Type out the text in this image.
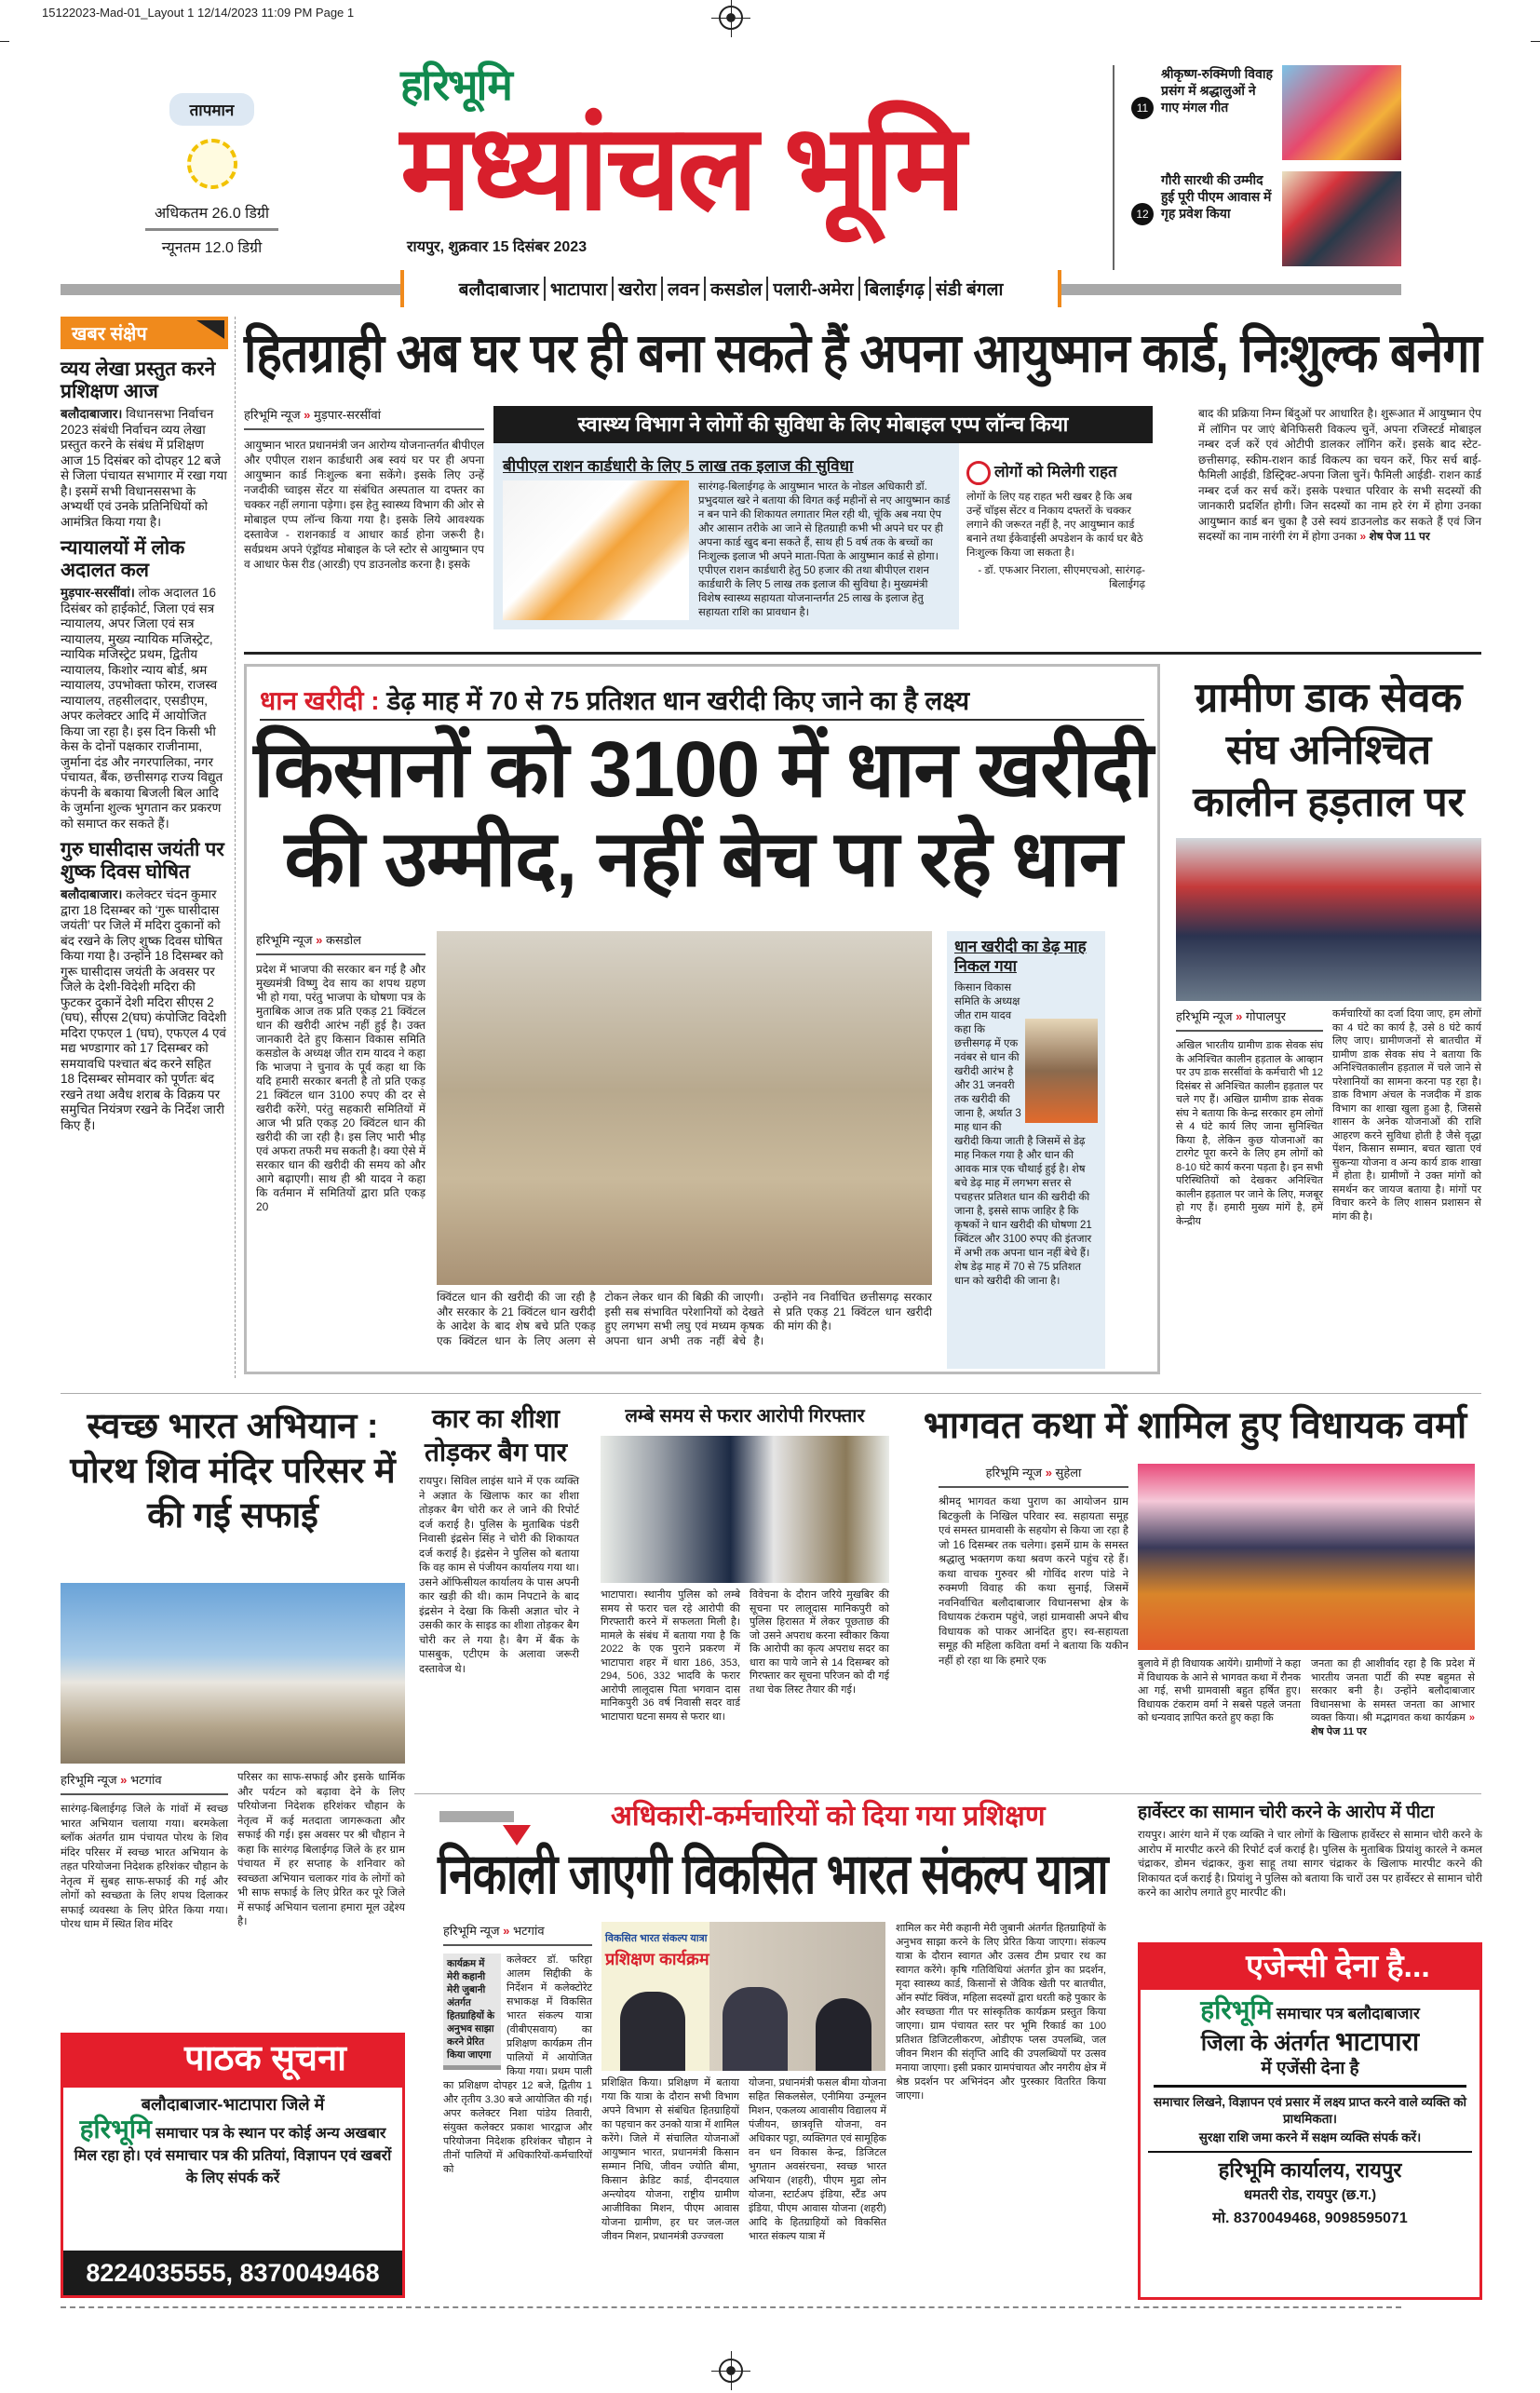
15122023-Mad-01_Layout 1 12/14/2023 11:09 PM Page 1
तापमान
अधिकतम 26.0 डिग्री
न्यूनतम 12.0 डिग्री
हरिभूमि
मध्यांचल भूमि
रायपुर, शुक्रवार 15 दिसंबर 2023
11
श्रीकृष्ण-रुक्मिणी विवाह प्रसंग में श्रद्धालुओं ने गाए मंगल गीत
12
गौरी सारथी की उम्मीद हुई पूरी पीएम आवास में गृह प्रवेश किया
बलौदाबाजार भाटापारा खरोरा लवन कसडोल पलारी-अमेरा बिलाईगढ़ संडी बंगला
खबर संक्षेप
व्यय लेखा प्रस्तुत करने प्रशिक्षण आज
बलौदाबाजार। विधानसभा निर्वाचन 2023 संबंधी निर्वाचन व्यय लेखा प्रस्तुत करने के संबंध में प्रशिक्षण आज 15 दिसंबर को दोपहर 12 बजे से जिला पंचायत सभागार में रखा गया है। इसमें सभी विधानससभा के अभ्यर्थी एवं उनके प्रतिनिधियों को आमंत्रित किया गया है।
न्यायालयों में लोक अदालत कल
मुड़पार-सरसींवां। लोक अदालत 16 दिसंबर को हाईकोर्ट, जिला एवं सत्र न्यायालय, अपर जिला एवं सत्र न्यायालय, मुख्य न्यायिक मजिस्ट्रेट, न्यायिक मजिस्ट्रेट प्रथम, द्वितीय न्यायालय, किशोर न्याय बोर्ड, श्रम न्यायालय, उपभोक्ता फोरम, राजस्व न्यायालय, तहसीलदार, एसडीएम, अपर कलेक्टर आदि में आयोजित किया जा रहा है। इस दिन किसी भी केस के दोनों पक्षकार राजीनामा, जुर्माना दंड और नगरपालिका, नगर पंचायत, बैंक, छत्तीसगढ़ राज्य विद्युत कंपनी के बकाया बिजली बिल आदि के जुर्माना शुल्क भुगतान कर प्रकरण को समाप्त कर सकते हैं।
गुरु घासीदास जयंती पर शुष्क दिवस घोषित
बलौदाबाजार। कलेक्टर चंदन कुमार द्वारा 18 दिसम्बर को ‘गुरू घासीदास जयंती’ पर जिले में मदिरा दुकानों को बंद रखने के लिए शुष्क दिवस घोषित किया गया है। उन्होंने 18 दिसम्बर को गुरू घासीदास जयंती के अवसर पर जिले के देशी-विदेशी मदिरा की फुटकर दुकानें देशी मदिरा सीएस 2 (घघ), सीएस 2(घघ) कंपोजिट विदेशी मदिरा एफएल 1 (घघ), एफएल 4 एवं मद्य भण्डागार को 17 दिसम्बर को समयावधि पश्चात बंद करने सहित 18 दिसम्बर सोमवार को पूर्णतः बंद रखने तथा अवैध शराब के विक्रय पर समुचित नियंत्रण रखने के निर्देश जारी किए हैं।
हितग्राही अब घर पर ही बना सकते हैं अपना आयुष्मान कार्ड, निःशुल्क बनेगा
हरिभूमि न्यूज » मुड़पार-सरसींवां
आयुष्मान भारत प्रधानमंत्री जन आरोग्य योजनान्तर्गत बीपीएल और एपीएल राशन कार्डधारी अब स्वयं घर पर ही अपना आयुष्मान कार्ड निःशुल्क बना सकेंगे। इसके लिए उन्हें नजदीकी च्वाइस सेंटर या संबंधित अस्पताल या दफ्तर का चक्कर नहीं लगाना पड़ेगा। इस हेतु स्वास्थ्य विभाग की ओर से मोबाइल एप्प लॉन्च किया गया है। इसके लिये आवश्यक दस्तावेज - राशनकार्ड व आधार कार्ड होना जरूरी है। सर्वप्रथम अपने एंड्रॉयड मोबाइल के प्ले स्टोर से आयुष्मान एप व आधार फेस रीड (आरडी) एप डाउनलोड करना है। इसके
स्वास्थ्य विभाग ने लोगों की सुविधा के लिए मोबाइल एप्प लॉन्च किया
बीपीएल राशन कार्डधारी के लिए 5 लाख तक इलाज की सुविधा
सारंगढ़-बिलाईगढ़ के आयुष्मान भारत के नोडल अधिकारी डॉ. प्रभुदयाल खरे ने बताया की विगत कई महीनों से नए आयुष्मान कार्ड न बन पाने की शिकायत लगातार मिल रही थी, चूंकि अब नया ऐप और आसान तरीके आ जाने से हितग्राही कभी भी अपने घर पर ही अपना कार्ड खुद बना सकते हैं, साथ ही 5 वर्ष तक के बच्चों का निःशुल्क इलाज भी अपने माता-पिता के आयुष्मान कार्ड से होगा। एपीएल राशन कार्डधारी हेतु 50 हजार की तथा बीपीएल राशन कार्डधारी के लिए 5 लाख तक इलाज की सुविधा है। मुख्यमंत्री विशेष स्वास्थ्य सहायता योजनान्तर्गत 25 लाख के इलाज हेतु सहायता राशि का प्रावधान है।
लोगों को मिलेगी राहत

लोगों के लिए यह राहत भरी खबर है कि अब उन्हें चॉइस सेंटर व निकाय दफ्तरों के चक्कर लगाने की जरूरत नहीं है, नए आयुष्मान कार्ड बनाने तथा ईकेवाईसी अपडेशन के कार्य घर बैठे निःशुल्क किया जा सकता है।

- डॉ. एफआर निराला, सीएमएचओ, सारंगढ़-बिलाईगढ़

बाद की प्रक्रिया निम्न बिंदुओं पर आधारित है। शुरूआत में आयुष्मान ऐप में लॉगिन पर जाएं बेनिफिसरी विकल्प चुनें, अपना रजिस्टर्ड मोबाइल नम्बर दर्ज करें एवं ओटीपी डालकर लॉगिन करें। इसके बाद स्टेट-छत्तीसगढ़, स्कीम-राशन कार्ड विकल्प का चयन करें, फिर सर्च बाई-फैमिली आईडी, डिस्ट्रिक्ट-अपना जिला चुनें। फैमिली आईडी- राशन कार्ड नम्बर दर्ज कर सर्च करें। इसके पश्चात परिवार के सभी सदस्यों की जानकारी प्रदर्शित होगी। जिन सदस्यों का नाम हरे रंग में होगा उनका आयुष्मान कार्ड बन चुका है उसे स्वयं डाउनलोड कर सकते हैं एवं जिन सदस्यों का नाम नारंगी रंग में होगा उनका » शेष पेज 11 पर
धान खरीदी : डेढ़ माह में 70 से 75 प्रतिशत धान खरीदी किए जाने का है लक्ष्य
किसानों को 3100 में धान खरीदी
की उम्मीद, नहीं बेच पा रहे धान
हरिभूमि न्यूज » कसडोल
प्रदेश में भाजपा की सरकार बन गई है और मुख्यमंत्री विष्णु देव साय का शपथ ग्रहण भी हो गया, परंतु भाजपा के घोषणा पत्र के मुताबिक आज तक प्रति एकड़ 21 क्विंटल धान की खरीदी आरंभ नहीं हुई है। उक्त जानकारी देते हुए किसान विकास समिति कसडोल के अध्यक्ष जीत राम यादव ने कहा कि भाजपा ने चुनाव के पूर्व कहा था कि यदि हमारी सरकार बनती है तो प्रति एकड़ 21 क्विंटल धान 3100 रुपए की दर से खरीदी करेंगे, परंतु सहकारी समितियों में आज भी प्रति एकड़ 20 क्विंटल धान की खरीदी की जा रही है। इस लिए भारी भीड़ एवं अफरा तफरी मच सकती है। क्या ऐसे में सरकार धान की खरीदी की समय को और आगे बढ़ाएगी। साथ ही श्री यादव ने कहा कि वर्तमान में समितियों द्वारा प्रति एकड़ 20
क्विंटल धान की खरीदी की जा रही है और सरकार के 21 क्विंटल धान खरीदी के आदेश के बाद शेष बचे प्रति एकड़ एक क्विंटल धान के लिए अलग से टोकन लेकर धान की बिक्री की जाएगी। इसी सब संभावित परेशानियों को देखते हुए लगभग सभी लघु एवं मध्यम कृषक अपना धान अभी तक नहीं बेचे है। उन्होंने नव निर्वाचित छत्तीसगढ़ सरकार से प्रति एकड़ 21 क्विंटल धान खरीदी की मांग की है।
धान खरीदी का डेढ़ माह निकल गया
किसान विकास समिति के अध्यक्ष जीत राम यादव कहा कि छत्तीसगढ़ में एक नवंबर से धान की खरीदी आरंभ है और 31 जनवरी तक खरीदी की जाना है, अर्थात 3 माह धान की खरीदी किया जाती है जिसमें से डेढ़ माह निकल गया है और धान की आवक मात्र एक चौथाई हुई है। शेष बचे डेढ़ माह में लगभग सत्तर से पचहत्तर प्रतिशत धान की खरीदी की जाना है, इससे साफ जाहिर है कि कृषकों ने धान खरीदी की घोषणा 21 क्विंटल और 3100 रुपए की इंतजार में अभी तक अपना धान नहीं बेचे हैं। शेष डेढ़ माह में 70 से 75 प्रतिशत धान को खरीदी की जाना है।
ग्रामीण डाक सेवक संघ अनिश्चित कालीन हड़ताल पर
हरिभूमि न्यूज » गोपालपुर
अखिल भारतीय ग्रामीण डाक सेवक संघ के अनिश्चित कालीन हड़ताल के आव्हान पर उप डाक सरसींवां के कर्मचारी भी 12 दिसंबर से अनिश्चित कालीन हड़ताल पर चले गए हैं। अखिल ग्रामीण डाक सेवक संघ ने बताया कि केन्द्र सरकार हम लोगों से 4 घंटे कार्य लिए जाना सुनिश्चित किया है, लेकिन कुछ योजनाओं का टारगेट पूरा करने के लिए हम लोगों को 8-10 घंटे कार्य करना पड़ता है। इन सभी परिस्थितियों को देखकर अनिश्चित कालीन हड़ताल पर जाने के लिए, मजबूर हो गए हैं। हमारी मुख्य मांगें है, हमें केन्द्रीय
कर्मचारियों का दर्जा दिया जाए, हम लोगों का 4 घंटे का कार्य है, उसे 8 घंटे कार्य लिए जाए। ग्रामीणजनों से बातचीत में ग्रामीण डाक सेवक संघ ने बताया कि अनिश्चितकालीन हड़ताल में चले जाने से परेशानियों का सामना करना पड़ रहा है। डाक विभाग अंचल के नजदीक में डाक विभाग का शाखा खुला हुआ है, जिससे शासन के अनेक योजनाओं की राशि आहरण करने सुविधा होती है जैसे वृद्धा पेंशन, किसान सम्मान, बचत खाता एवं सुकन्या योजना व अन्य कार्य डाक शाखा में होता है। ग्रामीणों ने उक्त मांगों को समर्थन कर जायज बताया है। मांगों पर विचार करने के लिए शासन प्रशासन से मांग की है।
स्वच्छ भारत अभियान : पोरथ शिव मंदिर परिसर में की गई सफाई
हरिभूमि न्यूज » भटगांव
सारंगढ़-बिलाईगढ़ जिले के गांवों में स्वच्छ भारत अभियान चलाया गया। बरमकेला ब्लॉक अंतर्गत ग्राम पंचायत पोरथ के शिव मंदिर परिसर में स्वच्छ भारत अभियान के तहत परियोजना निदेशक हरिशंकर चौहान के नेतृत्व में सुबह साफ-सफाई की गई और लोगों को स्वच्छता के लिए शपथ दिलाकर सफाई व्यवस्था के लिए प्रेरित किया गया। पोरथ धाम में स्थित शिव मंदिर
परिसर का साफ-सफाई और इसके धार्मिक और पर्यटन को बढ़ावा देने के लिए परियोजना निदेशक हरिशंकर चौहान के नेतृत्व में कई मतदाता जागरूकता और सफाई की गई। इस अवसर पर श्री चौहान ने कहा कि सारंगढ़ बिलाईगढ़ जिले के हर ग्राम पंचायत में हर सप्ताह के शनिवार को स्वच्छता अभियान चलाकर गांव के लोगों को भी साफ सफाई के लिए प्रेरित कर पूरे जिले में सफाई अभियान चलाना हमारा मूल उद्देश्य है।
कार का शीशा तोड़कर बैग पार
रायपुर। सिविल लाइंस थाने में एक व्यक्ति ने अज्ञात के खिलाफ कार का शीशा तोड़कर बैग चोरी कर ले जाने की रिपोर्ट दर्ज कराई है। पुलिस के मुताबिक पंडरी निवासी इंद्रसेन सिंह ने चोरी की शिकायत दर्ज कराई है। इंद्रसेन ने पुलिस को बताया कि वह काम से पंजीयन कार्यालय गया था। उसने ऑफिसीयल कार्यालय के पास अपनी कार खड़ी की थी। काम निपटाने के बाद इंद्रसेन ने देखा कि किसी अज्ञात चोर ने उसकी कार के साइड का शीशा तोड़कर बैग चोरी कर ले गया है। बैग में बैंक के पासबुक, एटीएम के अलावा जरूरी दस्तावेज थे।
लम्बे समय से फरार आरोपी गिरफ्तार
भाटापारा। स्थानीय पुलिस को लम्बे समय से फरार चल रहे आरोपी की गिरफ्तारी करने में सफलता मिली है। मामले के संबंध में बताया गया है कि 2022 के एक पुराने प्रकरण में भाटापारा शहर में धारा 186, 353, 294, 506, 332 भादवि के फरार आरोपी लालूदास पिता भगवान दास मानिकपुरी 36 वर्ष निवासी सदर वार्ड भाटापारा घटना समय से फरार था।
विवेचना के दौरान जरिये मुखबिर की सूचना पर लालूदास मानिकपुरी को पुलिस हिरासत में लेकर पूछताछ की जो उसने अपराध करना स्वीकार किया कि आरोपी का कृत्य अपराध सदर का धारा का पाये जाने से 14 दिसम्बर को गिरफ्तार कर सूचना परिजन को दी गई तथा चेक लिस्ट तैयार की गई।
भागवत कथा में शामिल हुए विधायक वर्मा
हरिभूमि न्यूज » सुहेला
श्रीमद् भागवत कथा पुराण का आयोजन ग्राम बिटकुली के निखिल परिवार स्व. सहायता समूह एवं समस्त ग्रामवासी के सहयोग से किया जा रहा है जो 16 दिसम्बर तक चलेगा। इसमें ग्राम के समस्त श्रद्धालु भक्तगण कथा श्रवण करने पहुंच रहे हैं। कथा वाचक गुरुवर श्री गोविंद शरण पांडे ने रुक्मणी विवाह की कथा सुनाई, जिसमें नवनिर्वाचित बलौदाबाजार विधानसभा क्षेत्र के विधायक टंकराम पहुंचे, जहां ग्रामवासी अपने बीच विधायक को पाकर आनंदित हुए। स्व-सहायता समूह की महिला कविता वर्मा ने बताया कि यकीन नहीं हो रहा था कि हमारे एक	बुलावे में ही विधायक आयेंगे। ग्रामीणों ने कहा में विधायक के आने से भागवत कथा में रौनक आ गई, सभी ग्रामवासी बहुत हर्षित हुए। विधायक टंकराम वर्मा ने सबसे पहले जनता को धन्यवाद ज्ञापित करते हुए कहा कि
जनता का ही आशीर्वाद रहा है कि प्रदेश में भारतीय जनता पार्टी की स्पष्ट बहुमत से सरकार बनी है। उन्होंने बलौदाबाजार विधानसभा के समस्त जनता का आभार व्यक्त किया। श्री मद्भागवत कथा कार्यक्रम » शेष पेज 11 पर
अधिकारी-कर्मचारियों को दिया गया प्रशिक्षण
निकाली जाएगी विकसित भारत संकल्प यात्रा
हरिभूमि न्यूज » भटगांव
कार्यक्रम में मेरी कहानी मेरी जुबानी अंतर्गत हितग्राहियों के अनुभव साझा करने प्रेरित किया जाएगा
कलेक्टर डॉ. फरिहा आलम सिद्दीकी के निर्देशन में कलेक्टोरेट सभाकक्ष में विकसित भारत संकल्प यात्रा (वीबीएसवाय) का प्रशिक्षण कार्यक्रम तीन पालियों में आयोजित किया गया। प्रथम पाली का प्रशिक्षण दोपहर 12 बजे, द्वितीय 1 और तृतीय 3.30 बजे आयोजित की गई। अपर कलेक्टर निशा पांडेय तिवारी, संयुक्त कलेक्टर प्रकाश भारद्वाज और परियोजना निदेशक हरिशंकर चौहान ने तीनों पालियों में अधिकारियों-कर्मचारियों को
विकसित भारत संकल्प यात्रा
प्रशिक्षण कार्यक्रम
प्रशिक्षित किया। प्रशिक्षण में बताया गया कि यात्रा के दौरान सभी विभाग अपने विभाग से संबंधित हितग्राहियों का पहचान कर उनको यात्रा में शामिल करेंगे। जिले में संचालित योजनाओं आयुष्मान भारत, प्रधानमंत्री किसान सम्मान निधि, जीवन ज्योति बीमा, किसान क्रेडिट कार्ड, दीनदयाल अन्त्योदय योजना, राष्ट्रीय ग्रामीण आजीविका मिशन, पीएम आवास योजना ग्रामीण, हर घर जल-जल जीवन मिशन, प्रधानमंत्री उज्ज्वला
योजना, प्रधानमंत्री फसल बीमा योजना सहित सिकलसेल, एनीमिया उन्मूलन मिशन, एकलव्य आवासीय विद्यालय में पंजीयन, छात्रवृत्ति योजना, वन अधिकार पट्टा, व्यक्तिगत एवं सामूहिक वन धन विकास केन्द्र, डिजिटल भुगतान अवसंरचना, स्वच्छ भारत अभियान (शहरी), पीएम मुद्रा लोन योजना, स्टार्टअप इंडिया, स्टैंड अप इंडिया, पीएम आवास योजना (शहरी) आदि के हितग्राहियों को विकसित भारत संकल्प यात्रा में
शामिल कर मेरी कहानी मेरी जुबानी अंतर्गत हितग्राहियों के अनुभव साझा करने के लिए प्रेरित किया जाएगा। संकल्प यात्रा के दौरान स्वागत और उत्सव टीम प्रचार रथ का स्वागत करेंगे। कृषि गतिविधियां अंतर्गत ड्रोन का प्रदर्शन, मृदा स्वास्थ्य कार्ड, किसानों से जैविक खेती पर बातचीत, ऑन स्पॉट क्विंज, महिला सदस्यों द्वारा धरती कहे पुकार के और स्वच्छता गीत पर सांस्कृतिक कार्यक्रम प्रस्तुत किया जाएगा। ग्राम पंचायत स्तर पर भूमि रिकार्ड का 100 प्रतिशत डिजिटलीकरण, ओडीएफ प्लस उपलब्धि, जल जीवन मिशन की संतृप्ति आदि की उपलब्धियों पर उत्सव मनाया जाएगा। इसी प्रकार ग्रामपंचायत और नगरीय क्षेत्र में श्रेष्ठ प्रदर्शन पर अभिनंदन और पुरस्कार वितरित किया जाएगा।
हार्वेस्टर का सामान चोरी करने के आरोप में पीटा
रायपुर। आरंग थाने में एक व्यक्ति ने चार लोगों के खिलाफ हार्वेस्टर से सामान चोरी करने के आरोप में मारपीट करने की रिपोर्ट दर्ज कराई है। पुलिस के मुताबिक प्रियांशु कारले ने कमल चंद्राकर, डोमन चंद्राकर, कुश साहू तथा सागर चंद्राकर के खिलाफ मारपीट करने की शिकायत दर्ज कराई है। प्रियांशु ने पुलिस को बताया कि चारों उस पर हार्वेस्टर से सामान चोरी करने का आरोप लगाते हुए मारपीट की।
एजेन्सी देना है...
हरिभूमि समाचार पत्र बलौदाबाजार
जिला के अंतर्गत भाटापारा
में एजेंसी देना है
समाचार लिखने, विज्ञापन एवं प्रसार में लक्ष्य प्राप्त करने वाले व्यक्ति को प्राथमिकता।
सुरक्षा राशि जमा करने में सक्षम व्यक्ति संपर्क करें।
हरिभूमि कार्यालय, रायपुर
धमतरी रोड, रायपुर (छ.ग.)
मो. 8370049468, 9098595071
पाठक सूचना
बलौदाबाजार-भाटापारा जिले में
हरिभूमि समाचार पत्र के स्थान पर कोई अन्य अखबार मिल रहा हो। एवं समाचार पत्र की प्रतियां, विज्ञापन एवं खबरों के लिए संपर्क करें
8224035555, 8370049468
